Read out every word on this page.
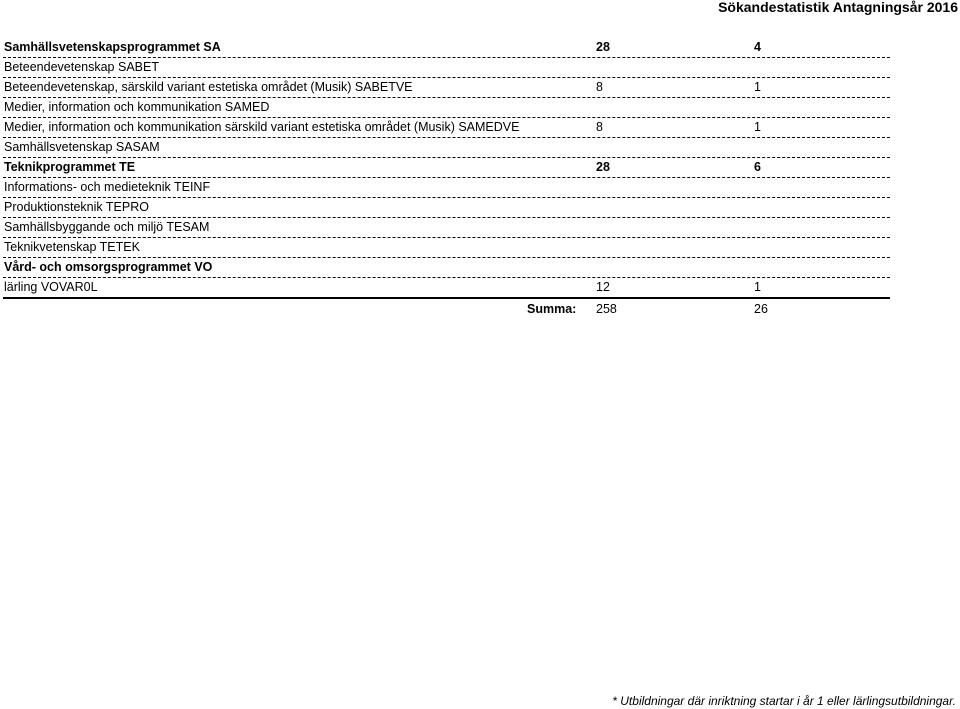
Sökandestatistik Antagningsår 2016
Samhällsvetenskapsprogrammet SA	28	4
Beteendevetenskap SABET
Beteendevetenskap, särskild variant estetiska området (Musik) SABETVE	8	1
Medier, information och kommunikation SAMED
Medier, information och kommunikation särskild variant estetiska området (Musik) SAMEDVE	8	1
Samhällsvetenskap SASAM
Teknikprogrammet TE	28	6
Informations- och medieteknik TEINF
Produktionsteknik TEPRO
Samhällsbyggande och miljö TESAM
Teknikvetenskap TETEK
Vård- och omsorgsprogrammet VO
lärling VOVAR0L	12	1
Summa: 258	26
* Utbildningar där inriktning startar i år 1 eller lärlingsutbildningar.
